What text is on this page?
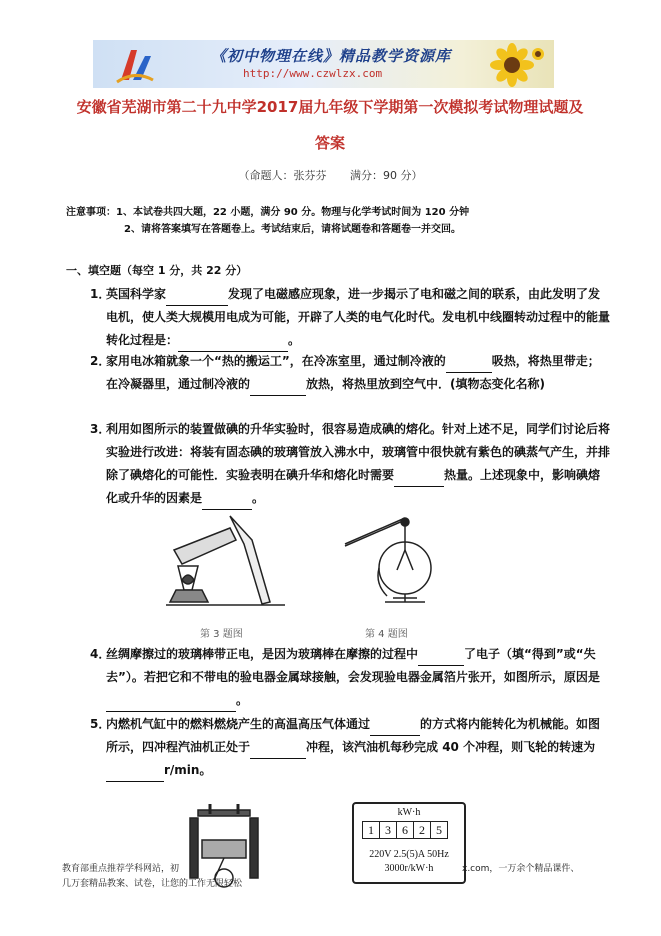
《初中物理在线》精品教学资源库
http://www.czwlzx.com
安徽省芜湖市第二十九中学2017届九年级下学期第一次模拟考试物理试题及
答案
（命题人：张芬芬 满分：90 分）
注意事项：1、本试卷共四大题，22 小题，满分 90 分。物理与化学考试时间为 120 分钟
2、请将答案填写在答题卷上。考试结束后，请将试题卷和答题卷一并交回。
一、填空题（每空 1 分，共 22 分）
1．
英国科学家	发现了电磁感应现象，进一步揭示了电和磁之间的联系，由此发明了发电机，使人类大规模用电成为可能，开辟了人类的电气化时代。发电机中线圈转动过程中的能量转化过程是：	。
2．
家用电冰箱就象一个“热的搬运工”，在冷冻室里，通过制冷液的	吸热，将热里带走；在冷凝器里，通过制冷液的	放热，将热里放到空气中．(填物态变化名称)
3．
利用如图所示的装置做碘的升华实验时，很容易造成碘的熔化。针对上述不足，同学们讨论后将实验进行改进：将装有固态碘的玻璃管放入沸水中，玻璃管中很快就有紫色的碘蒸气产生，并排除了碘熔化的可能性．实验表明在碘升华和熔化时需要	热量。上述现象中，影响碘熔化或升华的因素是	。
第 3 题图	第 4 题图
4．
丝绸摩擦过的玻璃棒带正电，是因为玻璃棒在摩擦的过程中	了电子（填“得到”或“失去”）。若把它和不带电的验电器金属球接触，会发现验电器金属箔片张开，如图所示，原因是。
5．
内燃机气缸中的燃料燃烧产生的高温高压气体通过	的方式将内能转化为机械能。如图所示，四冲程汽油机正处于	冲程，该汽油机每秒完成 40 个冲程，则飞轮的转速为r/min。
kW·h
1 3 6 2 5
220V 2.5(5)A 50Hz
3000r/kW·h
教育部重点推荐学科网站，初	x.com，一万余个精品课件、
几万套精品教案、试卷，让您的工作无限轻松
